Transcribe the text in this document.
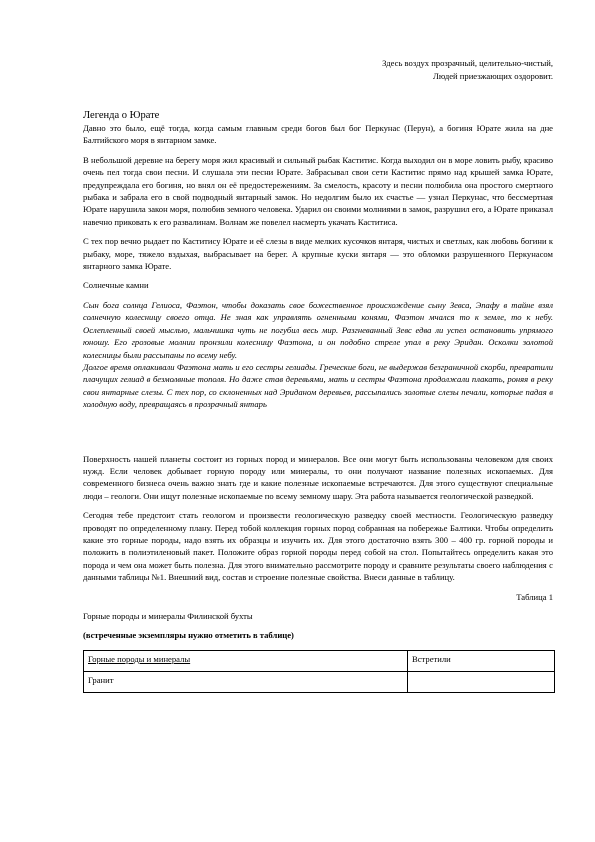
Здесь воздух прозрачный, целительно-чистый,
Людей приезжающих оздоровит.

Легенда о Юрате

Давно это было, ещё тогда, когда самым главным среди богов был бог Перкунас (Перун), а богиня Юрате жила на дне Балтийского моря в янтарном замке.

В небольшой деревне на берегу моря жил красивый и сильный рыбак Каститис. Когда выходил он в море ловить рыбу, красиво очень пел тогда свои песни. И слушала эти песни Юрате. Забрасывал свои сети Каститис прямо над крышей замка Юрате, предупреждала его богиня, но внял он её предостережениям. За смелость, красоту и песни полюбила она простого смертного рыбака и забрала его в свой подводный янтарный замок. Но недолгим было их счастье — узнал Перкунас, что бессмертная Юрате нарушила закон моря, полюбив земного человека. Ударил он своими молниями в замок, разрушил его, а Юрате приказал навечно приковать к его развалинам. Волнам же повелел насмерть укачать Каститиса.

С тех пор вечно рыдает по Каститису Юрате и её слезы в виде мелких кусочков янтаря, чистых и светлых, как любовь богини к рыбаку, море, тяжело вздыхая, выбрасывает на берег. А крупные куски янтаря — это обломки разрушенного Перкунасом янтарного замка Юрате.

Солнечные камни

Сын бога солнца Гелиоса, Фаэтон, чтобы доказать свое божественное происхождение сыну Зевса, Эпафу в тайне взял солнечную колесницу своего отца. Не зная как управлять огненными конями, Фаэтон мчался то к земле, то к небу. Ослепленный своей мыслью, мальчишка чуть не погубил весь мир. Разгневанный Зевс едва ли успел остановить упрямого юношу. Его грозовые молнии пронзили колесницу Фаэтона, и он подобно стреле упал в реку Эридан. Осколки золотой колесницы были рассыпаны по всему небу.

Долгое время оплакивали Фаэтона мать и его сестры гелиады. Греческие боги, не выдержав безграничной скорби, превратили плачущих гелиад в безмолвные тополя. Но даже став деревьями, мать и сестры Фаэтона продолжали плакать, роняя в реку свои янтарные слезы. С тех пор, со склоненных над Эриданом деревьев, рассыпались золотые слезы печали, которые падая в холодную воду, превращаясь в прозрачный янтарь

Поверхность нашей планеты состоит из горных пород и минералов. Все они могут быть использованы человеком для своих нужд. Если человек добывает горную породу или минералы, то они получают название полезных ископаемых. Для современного бизнеса очень важно знать где и какие полезные ископаемые встречаются. Для этого существуют специальные люди – геологи. Они ищут полезные ископаемые по всему земному шару. Эта работа называется геологической разведкой.

Сегодня тебе предстоит стать геологом и произвести геологическую разведку своей местности. Геологическую разведку проводят по определенному плану. Перед тобой коллекция горных пород собранная на побережье Балтики. Чтобы определить какие это горные породы, надо взять их образцы и изучить их. Для этого достаточно взять 300 – 400 гр. горной породы и положить в полиэтиленовый пакет. Положите образ горной породы перед собой на стол. Попытайтесь определить какая это порода и чем она может быть полезна. Для этого внимательно рассмотрите породу и сравните результаты своего наблюдения с данными таблицы №1. Внешний вид, состав и строение полезные свойства. Внеси данные в таблицу.

Таблица 1

Горные породы и минералы Филинской бухты

(встреченные экземпляры нужно отметить в таблице)

Горные породы и минералы	Встретили
Гранит	
